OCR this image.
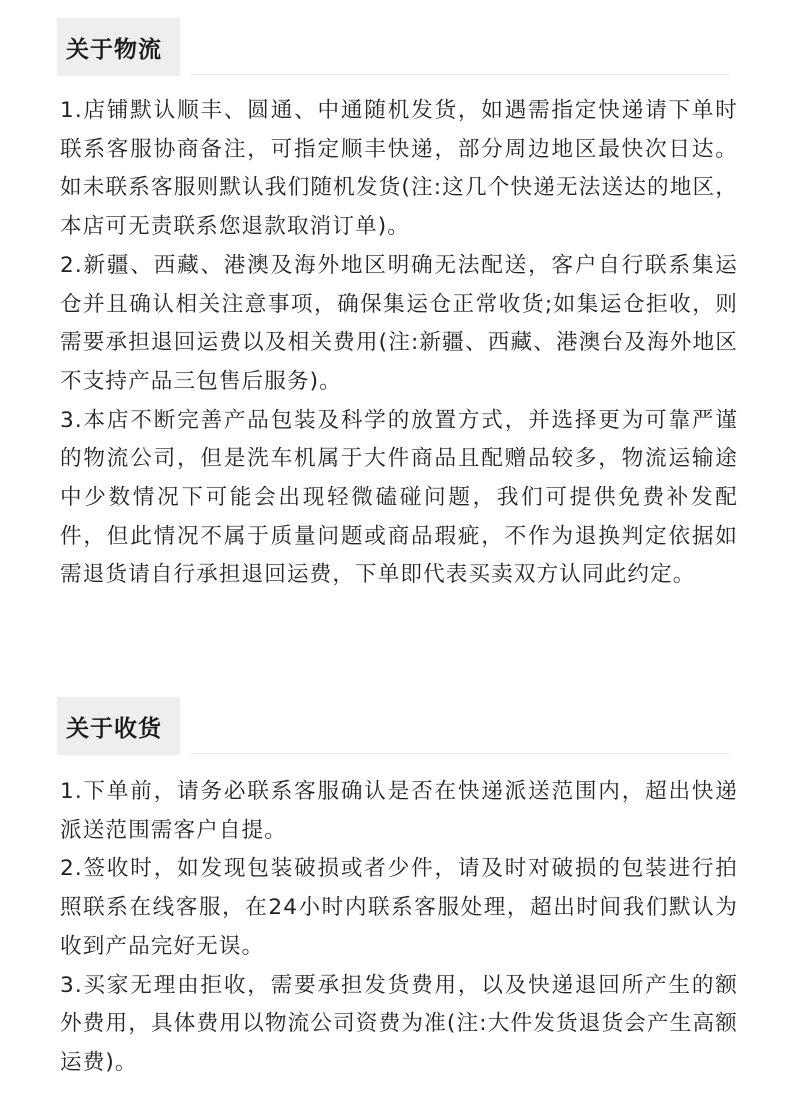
关于物流

1.店铺默认顺丰、圆通、中通随机发货，如遇需指定快递请下单时联系客服协商备注，可指定顺丰快递，部分周边地区最快次日达。如未联系客服则默认我们随机发货(注:这几个快递无法送达的地区，本店可无责联系您退款取消订单)。

2.新疆、西藏、港澳及海外地区明确无法配送，客户自行联系集运仓并且确认相关注意事项，确保集运仓正常收货;如集运仓拒收，则需要承担退回运费以及相关费用(注:新疆、西藏、港澳台及海外地区不支持产品三包售后服务)。

3.本店不断完善产品包装及科学的放置方式，并选择更为可靠严谨的物流公司，但是洗车机属于大件商品且配赠品较多，物流运输途中少数情况下可能会出现轻微磕碰问题，我们可提供免费补发配件，但此情况不属于质量问题或商品瑕疵，不作为退换判定依据如需退货请自行承担退回运费，下单即代表买卖双方认同此约定。

关于收货

1.下单前，请务必联系客服确认是否在快递派送范围内，超出快递派送范围需客户自提。

2.签收时，如发现包装破损或者少件，请及时对破损的包装进行拍照联系在线客服，在24小时内联系客服处理，超出时间我们默认为收到产品完好无误。

3.买家无理由拒收，需要承担发货费用，以及快递退回所产生的额外费用，具体费用以物流公司资费为准(注:大件发货退货会产生高额运费)。
